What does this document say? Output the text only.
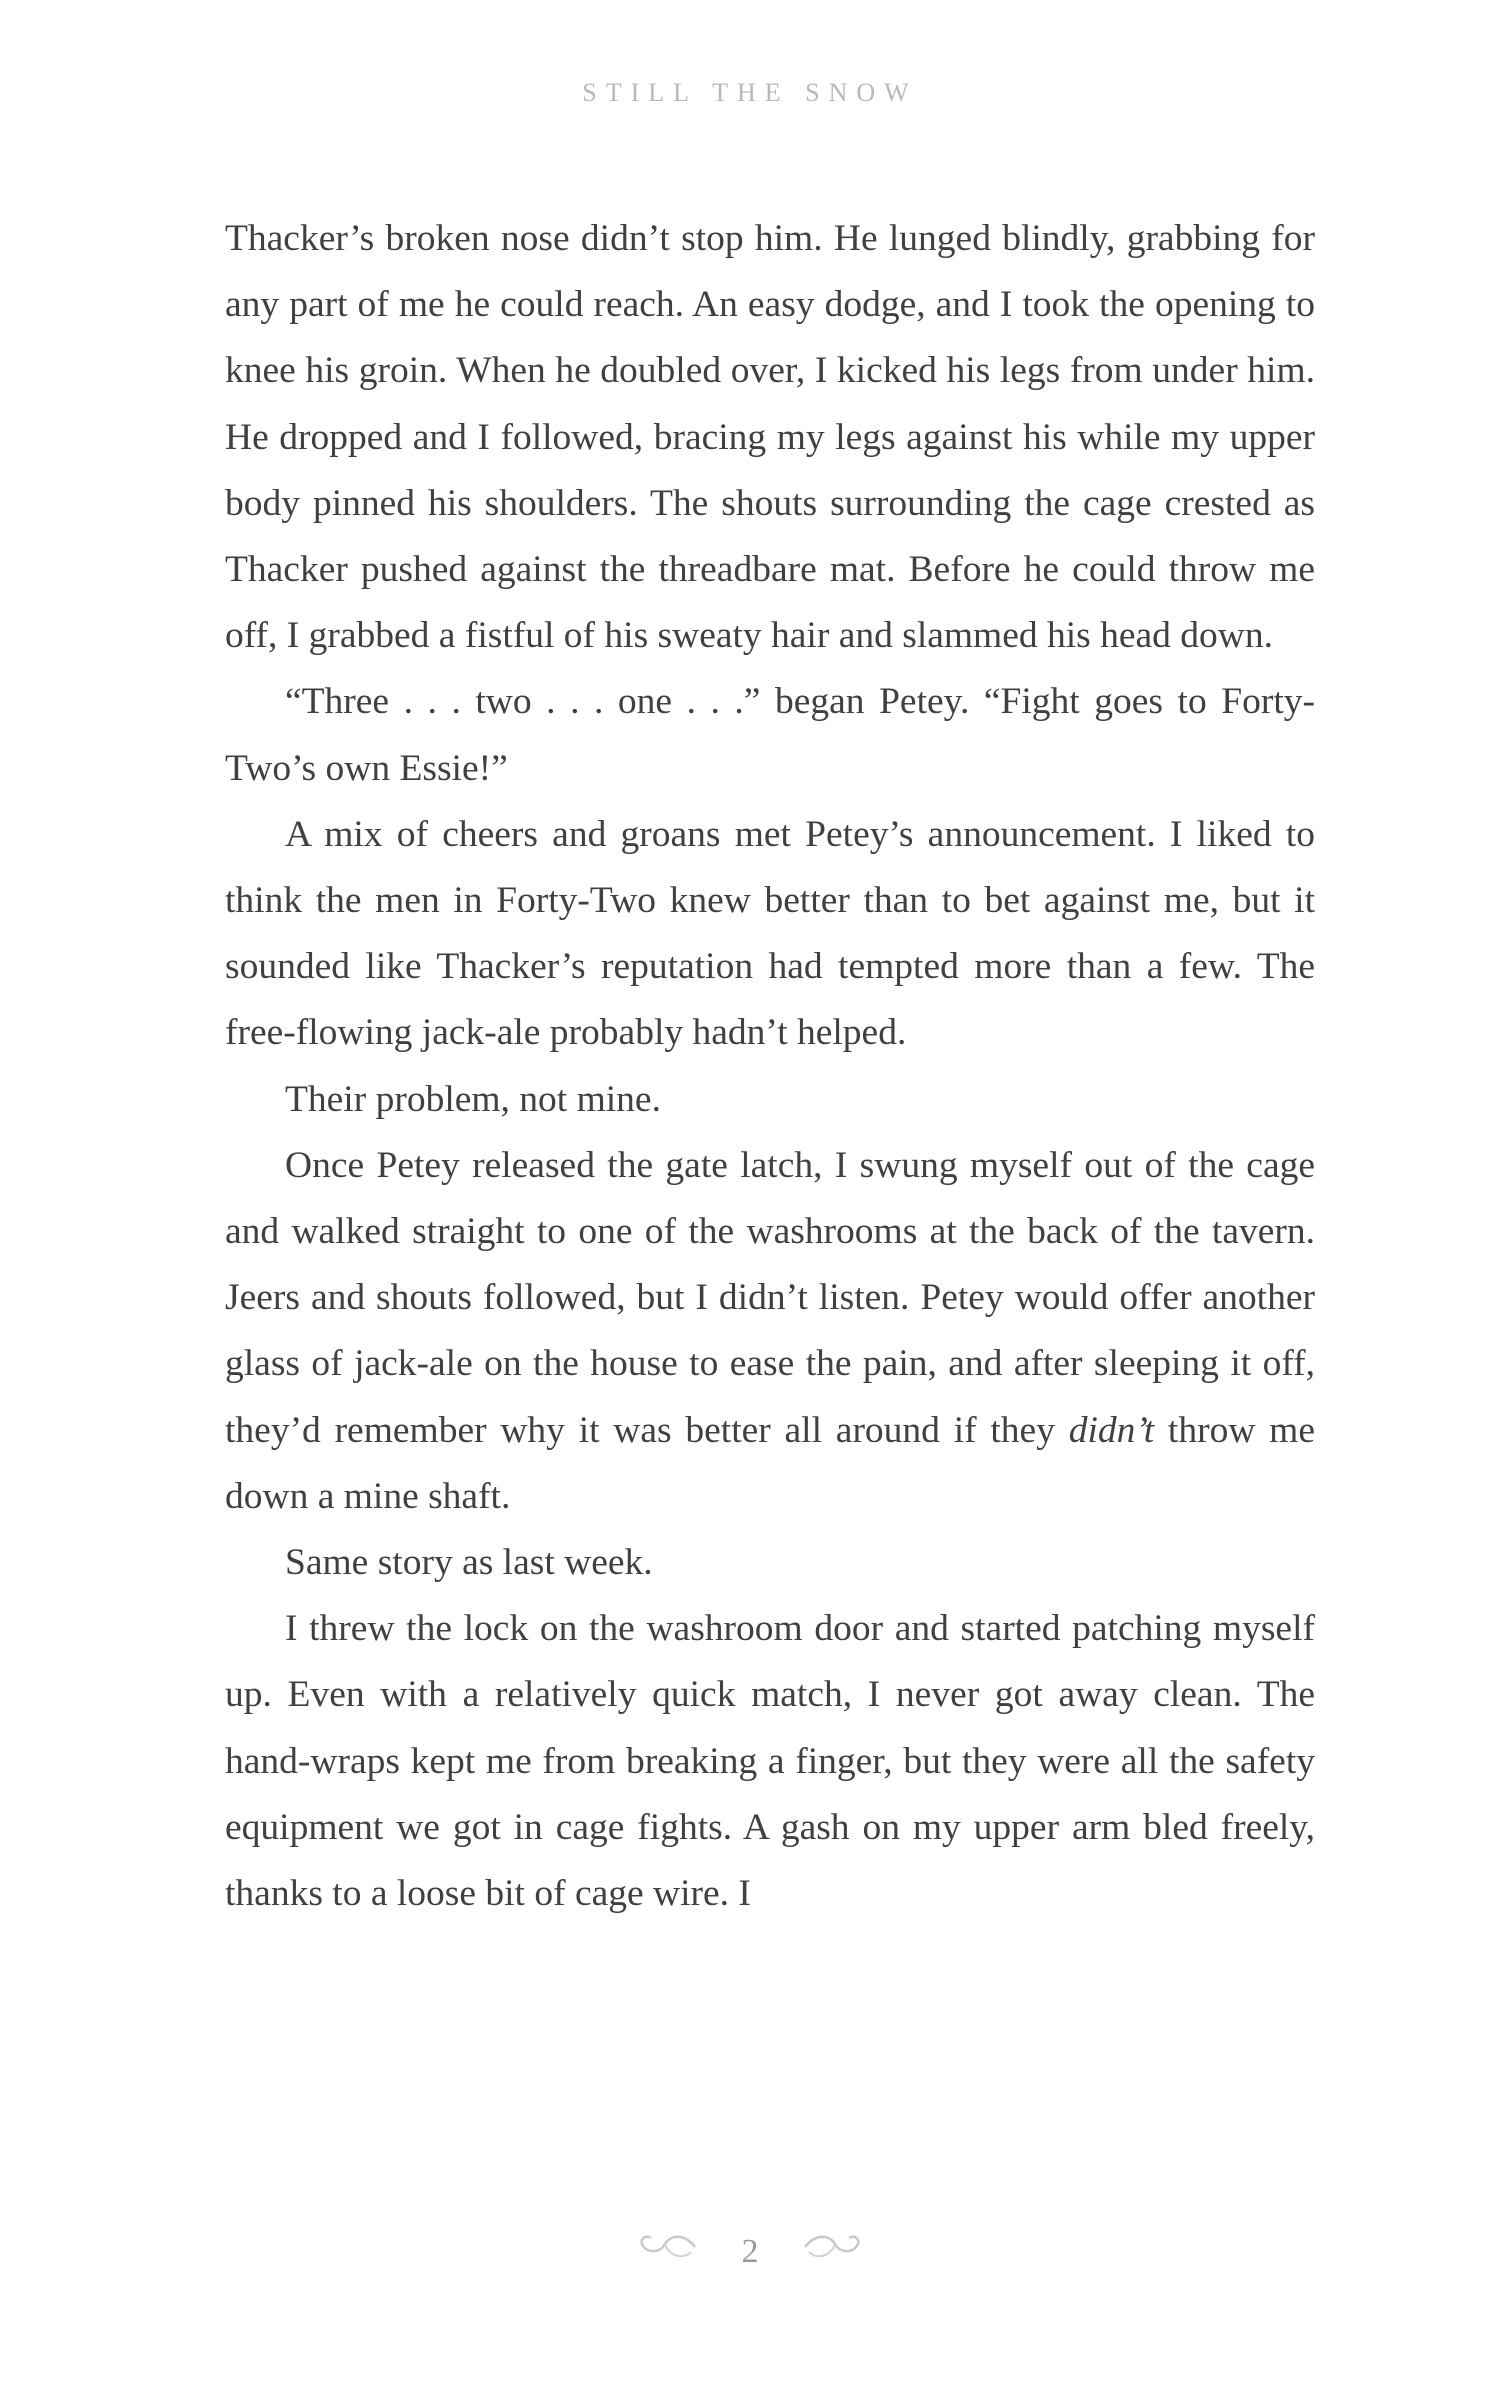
STILL THE SNOW

Thacker’s broken nose didn’t stop him. He lunged blindly, grabbing for any part of me he could reach. An easy dodge, and I took the opening to knee his groin. When he doubled over, I kicked his legs from under him. He dropped and I followed, bracing my legs against his while my upper body pinned his shoulders. The shouts surrounding the cage crested as Thacker pushed against the threadbare mat. Before he could throw me off, I grabbed a fistful of his sweaty hair and slammed his head down.

“Three . . . two . . . one . . .” began Petey. “Fight goes to Forty-Two’s own Essie!”

A mix of cheers and groans met Petey’s announcement. I liked to think the men in Forty-Two knew better than to bet against me, but it sounded like Thacker’s reputation had tempted more than a few. The free-flowing jack-ale probably hadn’t helped.

Their problem, not mine.

Once Petey released the gate latch, I swung myself out of the cage and walked straight to one of the washrooms at the back of the tavern. Jeers and shouts followed, but I didn’t listen. Petey would offer another glass of jack-ale on the house to ease the pain, and after sleeping it off, they’d remember why it was better all around if they didn’t throw me down a mine shaft.

Same story as last week.

I threw the lock on the washroom door and started patching myself up. Even with a relatively quick match, I never got away clean. The hand-wraps kept me from breaking a finger, but they were all the safety equipment we got in cage fights. A gash on my upper arm bled freely, thanks to a loose bit of cage wire. I

2
